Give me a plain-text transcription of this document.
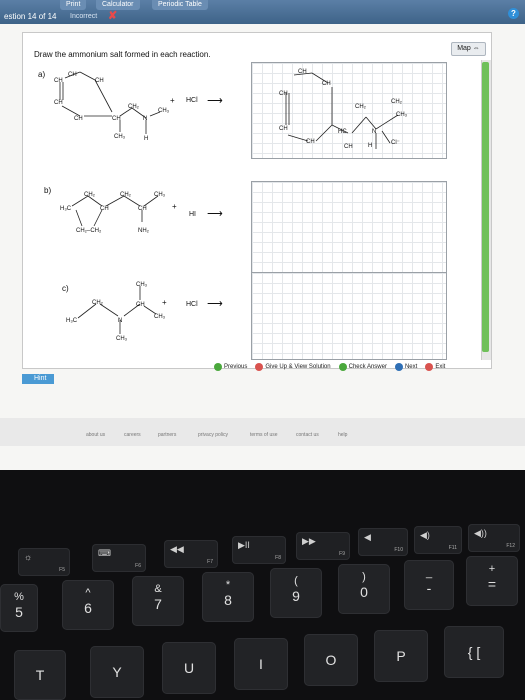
Print	Calculator	Periodic Table
estion 14 of 14 Incorrect ✘	?
Draw the ammonium salt formed in each reaction.
Map ⇔
a)	CH
CH	CH
CH
CH	CH
CH₂
N
CH₃
CH₃	H
+ HCl ⟶
CH
CH
CH
CH
CH
CH₂
CH₂
HC	N
CH₃
H	Cl⁻
CH
b)
H₃C
CH₂
CH
CH₂
CH
CH₃
CH₂–CH₂	NH₂
+
HI ⟶
c)
H₃C
CH₂
N
CH₃
CH
CH₃
CH₃
+	HCl ⟶
Previous	Give Up & View Solution	Check Answer	Next	Exit
Hint
about us	careers	partners	privacy policy	terms of use	contact us	help
☼
F5
⌨
F6
◀◀
F7
▶II
F8
▶▶
F9
◀
F10
◀)
F11
◀))
F12
%
5
^
6
&
7
*
8
(
9
)
0
_
-
+
=
T	Y	U	I	O	P	{ [
